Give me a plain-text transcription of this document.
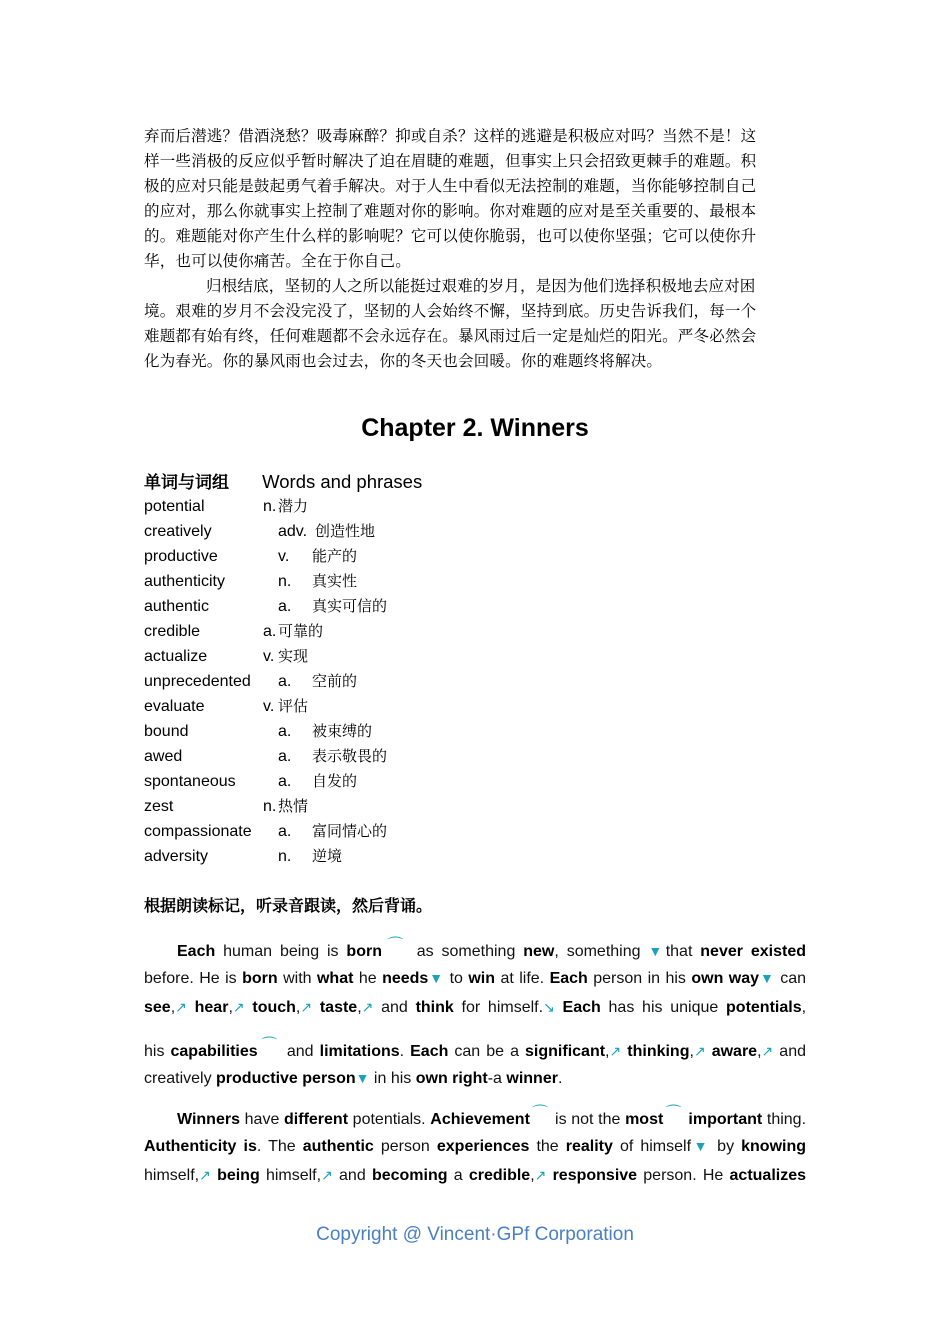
弃而后潜逃？借酒浇愁？吸毒麻醉？抑或自杀？这样的逃避是积极应对吗？当然不是！这

样一些消极的反应似乎暂时解决了迫在眉睫的难题，但事实上只会招致更棘手的难题。积

极的应对只能是鼓起勇气着手解决。对于人生中看似无法控制的难题，当你能够控制自己

的应对，那么你就事实上控制了难题对你的影响。你对难题的应对是至关重要的、最根本

的。难题能对你产生什么样的影响呢？它可以使你脆弱，也可以使你坚强；它可以使你升

华，也可以使你痛苦。全在于你自己。

归根结底，坚韧的人之所以能挺过艰难的岁月，是因为他们选择积极地去应对困

境。艰难的岁月不会没完没了，坚韧的人会始终不懈，坚持到底。历史告诉我们，每一个

难题都有始有终，任何难题都不会永远存在。暴风雨过后一定是灿烂的阳光。严冬必然会

化为春光。你的暴风雨也会过去，你的冬天也会回暖。你的难题终将解决。

Chapter 2. Winners
单词与词组 Words and phrases
potential	n. 潜力
creatively	adv. 创造性地
productive	v. 能产的
authenticity	n. 真实性
authentic	a. 真实可信的
credible	a. 可靠的
actualize	v. 实现
unprecedented a. 空前的
evaluate	v. 评估
bound	a. 被束缚的
awed	a. 表示敬畏的
spontaneous	a. 自发的
zest	n. 热情
compassionate a. 富同情心的
adversity	n. 逆境
根据朗读标记，听录音跟读，然后背诵。
Each human being is born ⌒ as something new, something ▼that never existed
before. He is born with what he needs▼ to win at life. Each person in his own way▼ can
see,↗ hear,↗ touch,↗ taste,↗ and think for himself.↘ Each has his unique potentials,
his capabilities ⌒ and limitations. Each can be a significant,↗ thinking,↗ aware,↗ and
creatively productive person▼ in his own right-a winner.
Winners have different potentials. Achievement ⌒ is not the most ⌒ important thing.
Authenticity is. The authentic person experiences the reality of himself▼ by knowing
himself,↗ being himself,↗ and becoming a credible,↗ responsive person. He actualizes
Copyright @ Vincent·GPf Corporation
